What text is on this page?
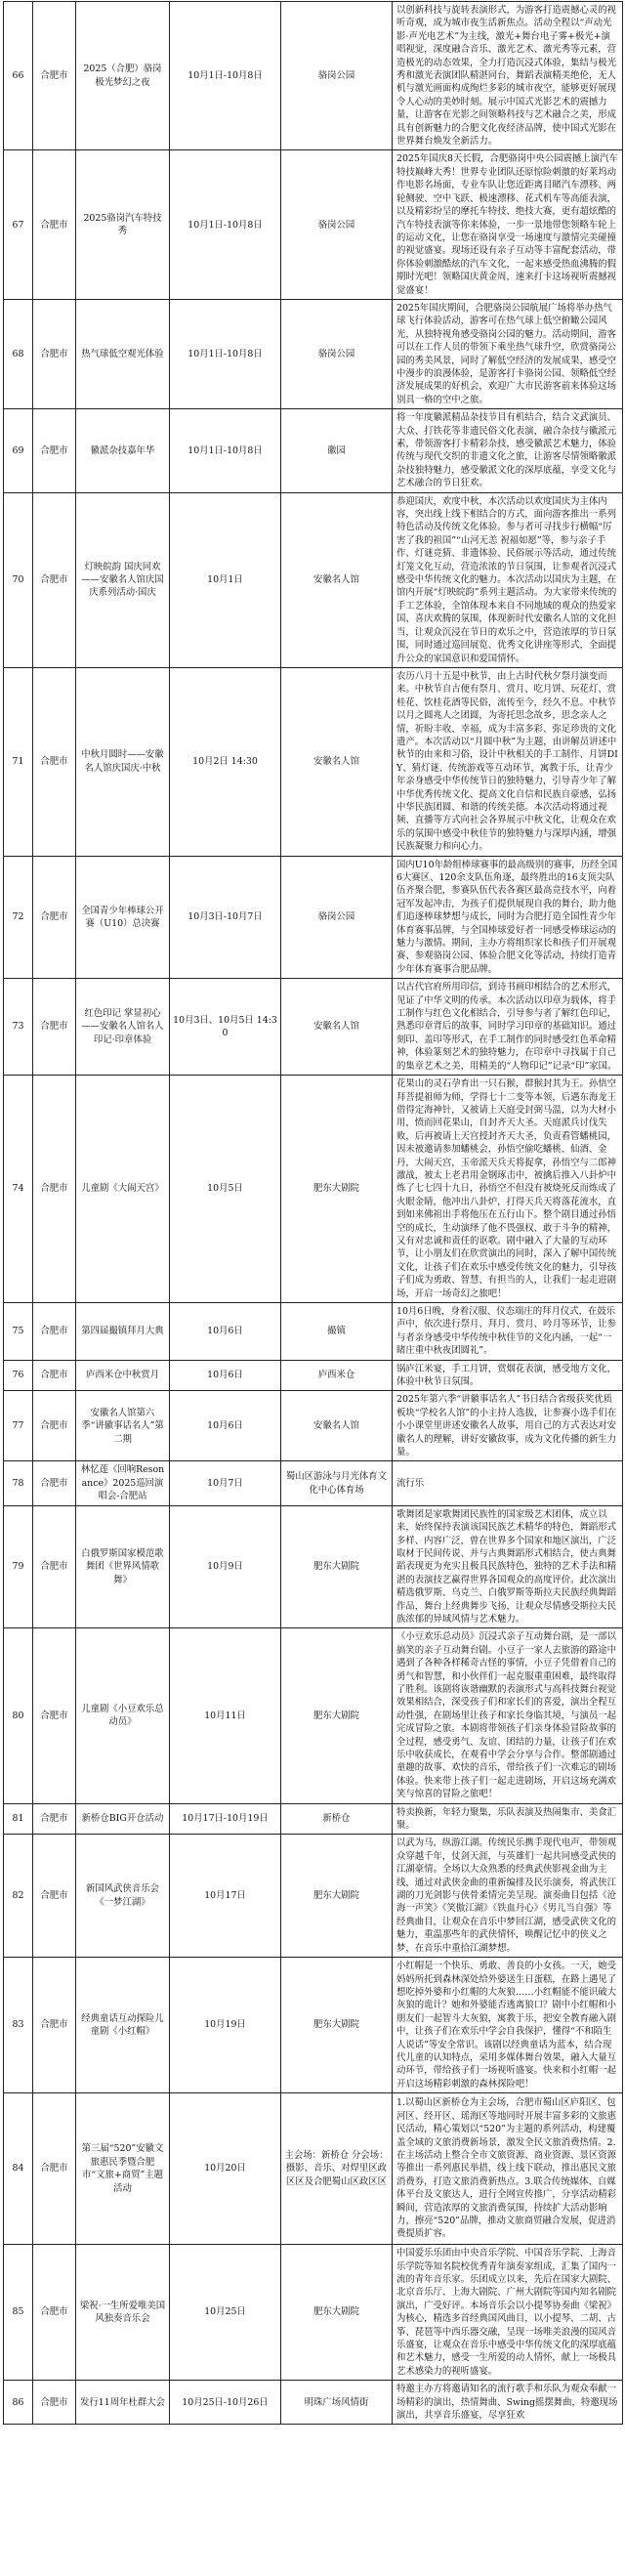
66	合肥市	2025（合肥）骆岗极光梦幻之夜	10月1日-10月8日	骆岗公园	以创新科技与旋转表演形式，为游客打造震撼心灵的视听奇观，成为城市夜生活新焦点。活动全程以“声动光影·声光电艺术”为主线，激光+舞台电子雾+极光+演唱视觉，深度融合音乐、激光艺术、激光秀等元素，营造极光的动态效果，全力打造沉浸式体验，集结与极光秀和激光表演团队精湛同台，舞蹈表演精美绝伦，无人机与激光画面构成绚烂多彩的城市夜空，能够更好展现令人心动的美妙时刻。展示中国式光影艺术的震撼力量，让游客在光影之间领略科技与艺术融合之美，形成具有创新魅力的合肥文化夜经济品牌，使中国式光影在世界舞台焕发全新活力。
67	合肥市	2025骆岗汽车特技秀	10月1日-10月8日	骆岗公园	2025年国庆8天长假，合肥骆岗中央公园震撼上演汽车特技巅峰大秀！世界专业团队还原惊险刺激的好莱坞动作电影名场面，专业车队让您近距离目睹汽车漂移、两轮侧驶、空中飞跃、极速漂移、花式机车等高能表演，以及精彩纷呈的摩托车特技、绝技大赛，更有超炫酷的汽车特技表演等你来体验，一步一景地带您领略车轮上的运动文化，让您在骆岗享受一场速度与激情完美碰撞的视觉盛宴。现场还设有亲子互动等丰富配套活动，带你体验刺激酷炫的汽车文化，一起来感受热血沸腾的假期时光吧！领略国庆黄金周，速来打卡这场视听震撼视觉盛宴！
68	合肥市	热气球低空观光体验	10月1日-10月8日	骆岗公园	2025年国庆期间，合肥骆岗公园航展广场将举办热气球飞行体验活动，游客可在热气球上低空俯瞰公园风光，从独特视角感受骆岗公园的魅力。活动期间，游客可以在工作人员的带领下乘坐热气球升空，欣赏骆岗公园的秀美风景，同时了解低空经济的发展成果，感受空中漫步的浪漫体验，是游客打卡骆岗公园、领略低空经济发展成果的好机会，欢迎广大市民游客前来体验这场别具一格的空中之旅。
69	合肥市	徽派杂技嘉年华	10月1日-10月8日	徽园	将一年度徽派精品杂技节目有机结合，结合文武演员、大众、打铁花等非遗民俗文化表演，融合杂技与徽派元素，带领游客打卡精彩杂技，感受徽派艺术魅力，体验传统与现代交织的非遗文化之旅，让游客尽情领略徽派杂技独特魅力，感受徽派文化的深厚底蕴，享受文化与艺术融合的节日狂欢。
70	合肥市	灯映皖韵 国庆同欢——安徽名人馆庆国庆系列活动·国庆	10月1日	安徽名人馆	恭迎国庆，欢度中秋，本次活动以欢度国庆为主体内容，突出线上线下相结合的方式，面向游客推出一系列特色活动及传统文化体验。参与者可寻找步行横幅“厉害了我的祖国”“山河无恙 祝福如愿”等，参与亲子手作、灯谜竞猜、非遗体验、民俗展示等活动，通过传统灯笼文化互动，营造浓浓的节日氛围，让参观者沉浸式感受中华传统文化的魅力。本次活动以国庆为主题，在馆内开展“灯映皖韵”系列主题活动。为大家带来传统的手工艺体验，全馆体现本来自不同地域的观众的热爱家国、喜庆欢腾的氛围，体现新时代安徽名人馆的文化担当，让观众沉浸在节日的欢乐之中，营造浓厚的节日氛围，同时通过巡回展览、优秀文化讲座等形式，全面提升公众的家国意识和爱国情怀。
71	合肥市	中秋月圆时——安徽名人馆庆国庆·中秋	10月2日 14:30	安徽名人馆	农历八月十五是中秋节，由上古时代秋夕祭月演变而来。中秋节自古便有祭月、赏月、吃月饼、玩花灯、赏桂花、饮桂花酒等民俗，流传至今，经久不息。中秋节以月之圆兆人之团圆，为寄托思念故乡，思念亲人之情，祈盼丰收、幸福，成为丰富多彩、弥足珍贵的文化遗产。本次活动以“月圆中秋”为主题，由讲解员讲述中秋节的由来和习俗，设计中秋相关的手工制作、月饼DIY、猜灯谜、传统游戏等互动环节，寓教于乐，让青少年亲身感受中华传统节日的独特魅力，引导青少年了解中华优秀传统文化、提高文化自信和民族自豪感，弘扬中华民族团圆、和谐的传统美德。本次活动将通过视频、直播等方式向社会各界展示中秋文化，让观众在欢乐的氛围中感受中秋佳节的独特魅力与深厚内涵，增强民族凝聚力和向心力。
72	合肥市	全国青少年棒球公开赛（U10）总决赛	10月3日-10月7日	骆岗公园	国内U10年龄组棒球赛事的最高级别的赛事，历经全国6大赛区、120余支队伍角逐，最终胜出的16支顶尖队伍齐聚合肥，参赛队伍代表各赛区最高竞技水平，向着冠军发起冲击，为孩子们提供展现自我的舞台，助力他们追逐棒球梦想与成长，同时为合肥打造全国性青少年体育赛事品牌，与全国棒球爱好者一同感受棒球运动的魅力与激情。期间，主办方将组织家长和孩子们开展观赛、参观骆岗公园、体验合肥文化等活动，持续打造青少年体育赛事合肥品牌。
73	合肥市	红色印记 掌显初心——安徽名人馆名人印记·印章体验	10月3日、10月5日 14:30	安徽名人馆	以古代官府所用印信，到诗书画印相结合的艺术形式，见证了中华文明的传承。本次活动以印章为载体，将手工制作与红色文化相结合，引导参与者了解红色印记，熟悉印章背后的故事，同时学习印章的基础知识。通过刻印、盖印等形式，在手工制作的同时感受红色革命精神，体验篆刻艺术的独特魅力，在印章中寻找属于自己的集章艺术之美，用精美的“人物印记”记录“印”家国。
74	合肥市	儿童剧《大闹天宫》	10月5日	肥东大剧院	花果山的灵石孕育出一只石猴，群猴封其为王。孙悟空拜菩提祖师为师，学得七十二变等本领，后遇东海龙王借得定海神针，又被请上天庭受封弼马温，以为大材小用，愤而回花果山，自封齐天大圣。天庭派兵讨伐失败，后再被请上天宫授封齐天大圣，负责看管蟠桃园，因未被邀请参加蟠桃会，孙悟空偷吃蟠桃、仙酒、金丹，大闹天宫，玉帝派天兵天将捉拿，孙悟空与二郎神激战，被太上老君用金钢琢击中，被擒后推入八卦炉中炼了七七四十九日，孙悟空不但没有被烧死反而炼成了火眼金睛，他冲出八卦炉，打得天兵天将落花流水，直到如来佛祖出手将他压在五行山下。整个剧目通过孙悟空的成长，生动演绎了他不畏强权、敢于斗争的精神，又有对忠诚和责任的讴歌。剧中融入了大量的互动环节，让小朋友们在欣赏演出的同时，深入了解中国传统文化，让孩子们在欢乐中感受传统文化的魅力，引导孩子们成为勇敢、智慧、有担当的人，让我们一起走进剧场，开启一场奇幻之旅吧！
75	合肥市	第四届撮镇拜月大典	10月6日	撮镇	10月6日晚，身着汉服、仪态端庄的拜月仪式，在鼓乐声中，依次进行祭月、拜月、赏月、吟月等环节，让参与者亲身感受中华传统中秋佳节的文化内涵，一起“一睹庄重中秋夜团圆礼”。
76	合肥市	庐西米仓中秋赏月	10月6日	庐西米仓	锅庐江米宴，手工月饼，赏烟花表演，感受地方文化，体验中秋节日氛围。
77	合肥市	安徽名人馆第六季“讲徽事话名人”第二期	10月6日	安徽名人馆	2025年第六季“讲徽事话名人”书日结合省级获奖优质板块“学校名人馆”的小主持人选拔，让参赛小选手们在小小课堂里讲述安徽名人故事，用自己的方式表达对安徽名人的理解，讲好安徽故事，成为文化传播的新生力量。
78	合肥市	林忆莲《回响Resonance》2025巡回演唱会-合肥站	10月7日	蜀山区游泳与月光体育文化中心体育场	流行乐
79	合肥市	白俄罗斯国家模范歌舞团《世界风情歌舞》	10月9日	肥东大剧院	歌舞团是家歌舞团民族性的国家级艺术团体，成立以来，始终保持表演该国民族艺术精华的特色，舞蹈形式多样、内容广泛，曾在世界多个国家和地区演出，广泛取材于民间传说、并与古典舞蹈形式相结合，使古典舞蹈表现更为充实且极具民族特色，独特的艺术手法和精湛的表演技艺赢得世界各国观众的高度评价。此次演出精选俄罗斯、乌克兰、白俄罗斯等斯拉夫民族经典舞蹈作品，舞台上经典舞步飞扬，让观众尽情感受斯拉夫民族浓郁的异域风情与艺术魅力。
80	合肥市	儿童剧《小豆欢乐总动员》	10月11日	肥东大剧院	《小豆欢乐总动员》沉浸式亲子互动舞台剧，是一部以搞笑的亲子互动舞台剧。小豆子一家人去旅游的路途中遇到了各种各样稀奇古怪的事情，小豆子凭借着自己的勇气和智慧，和小伙伴们一起克服重重困难，最终取得了胜利。该剧将诙谐幽默的表演形式与高科技舞台视觉效果相结合，深受孩子们和家长们的喜爱，演出全程互动性强，在剧场里让孩子和家长身临其境，与演员一起完成冒险之旅。本剧将带领孩子们亲身体验冒险故事的全过程，感受勇气、友谊、团结的力量，让孩子们在欢乐中收获成长，在观看中学会分享与合作。整部剧通过童趣的故事、欢快的音乐，带给孩子们一次难忘的剧场体验。快来带上孩子们一起走进剧场，开启这场充满欢笑与惊喜的冒险之旅吧！
81	合肥市	新桥仓BIG开仓活动	10月17日-10月19日	新桥仓	特卖换新，年轻力聚集，乐队表演及热闹集市、美食汇聚。
82	合肥市	新国风武侠音乐会《一梦江湖》	10月17日	肥东大剧院	以武为马，纵游江湖。传统民乐携手现代电声，带领观众穿越千年，仗剑天涯，与英雄们一起共同感受武侠的江湖豪情。全场以大众熟悉的经典武侠影视金曲为主线，通过对武侠金曲的重新编排及民乐演奏，将武侠江湖的刀光剑影与侠骨柔情完美呈现。演奏曲目包括《沧海一声笑》《笑傲江湖》《铁血丹心》《男儿当自强》等经典曲目，让观众在音乐中梦回江湖，感受武侠文化的魅力，重温那些年的武侠情怀，唤醒记忆中的侠义之梦，在音乐中重拾江湖梦想。
83	合肥市	经典童话互动探险儿童剧《小红帽》	10月19日	肥东大剧院	小红帽是一个快乐、勇敢、善良的小女孩。一天，她受妈妈所托到森林深处给外婆送生日蛋糕，在路上遇见了想吃掉外婆和小红帽的大灰狼……小红帽能不能识破大灰狼的诡计？她和外婆能否逃离狼口？剧中小红帽和小朋友们一起智斗大灰狼，寓教于乐，把安全教育融入剧中，让孩子们在欢乐中学会自我保护，懂得“不和陌生人说话”等安全常识。该剧以经典童话为蓝本，结合现代儿童的认知特点，采用多媒体舞台效果，融入大量互动环节，带给孩子们一场视听盛宴。快来和小红帽一起开启这场精彩刺激的森林探险吧！
84	合肥市	第三届“520”安徽文旅惠民季暨合肥市“文旅+商贸”主题活动	10月20日	主会场：新桥仓 分会场：摄影、音乐、对焊里区政区区及合肥蜀山区政区区	1.以蜀山区新桥仓为主会场，合肥市蜀山区庐阳区、包河区、经开区、瑶海区等地同时开展丰富多彩的文旅惠民活动，精心策划以“520”为主题的系列活动，构建覆盖全域的文旅消费新场景，激发全民文旅消费热情。2.在主场活动上整合全市文旅资源、商业资源、景区资源等推出一系列惠民举措，线上线下联动，推出惠民文旅消费券，打造文旅消费新热点。3.联合传统媒体、自媒体平台及文旅达人，进行全网宣传推广，分享活动精彩瞬间，营造浓厚的文旅消费氛围，持续扩大活动影响力，擦亮“520”品牌，推动文旅商贸融合发展，促进消费提质扩容。
85	合肥市	梁祝·一生所爱唯美国风独奏音乐会	10月25日	肥东大剧院	中国爱乐乐团由中央音乐学院、中国音乐学院、上海音乐学院等知名院校优秀青年演奏家组成，汇集了国内一流的青年音乐家。乐团成立以来，先后在国家大剧院、北京音乐厅、上海大剧院、广州大剧院等国内知名剧院演出，广受好评。本场音乐会以小提琴协奏曲《梁祝》为核心，精选多首经典国风曲目，以小提琴、二胡、古筝、琵琶等中西乐器交融，呈现一场唯美浪漫的国风音乐盛宴，让观众在音乐中感受中华传统文化的深厚底蕴和艺术魅力，感受一生所爱的动人情怀，献上一场极具艺术感染力的视听盛宴。
86	合肥市	发行11周年杜群大会	10月25日-10月26日	明珠广场风情街	特邀主办方将邀请知名的流行歌手和乐队为观众奉献一场精彩的演出，热情舞曲、Swing摇摆舞曲，特邀现场演出，共享音乐盛宴，尽享狂欢
